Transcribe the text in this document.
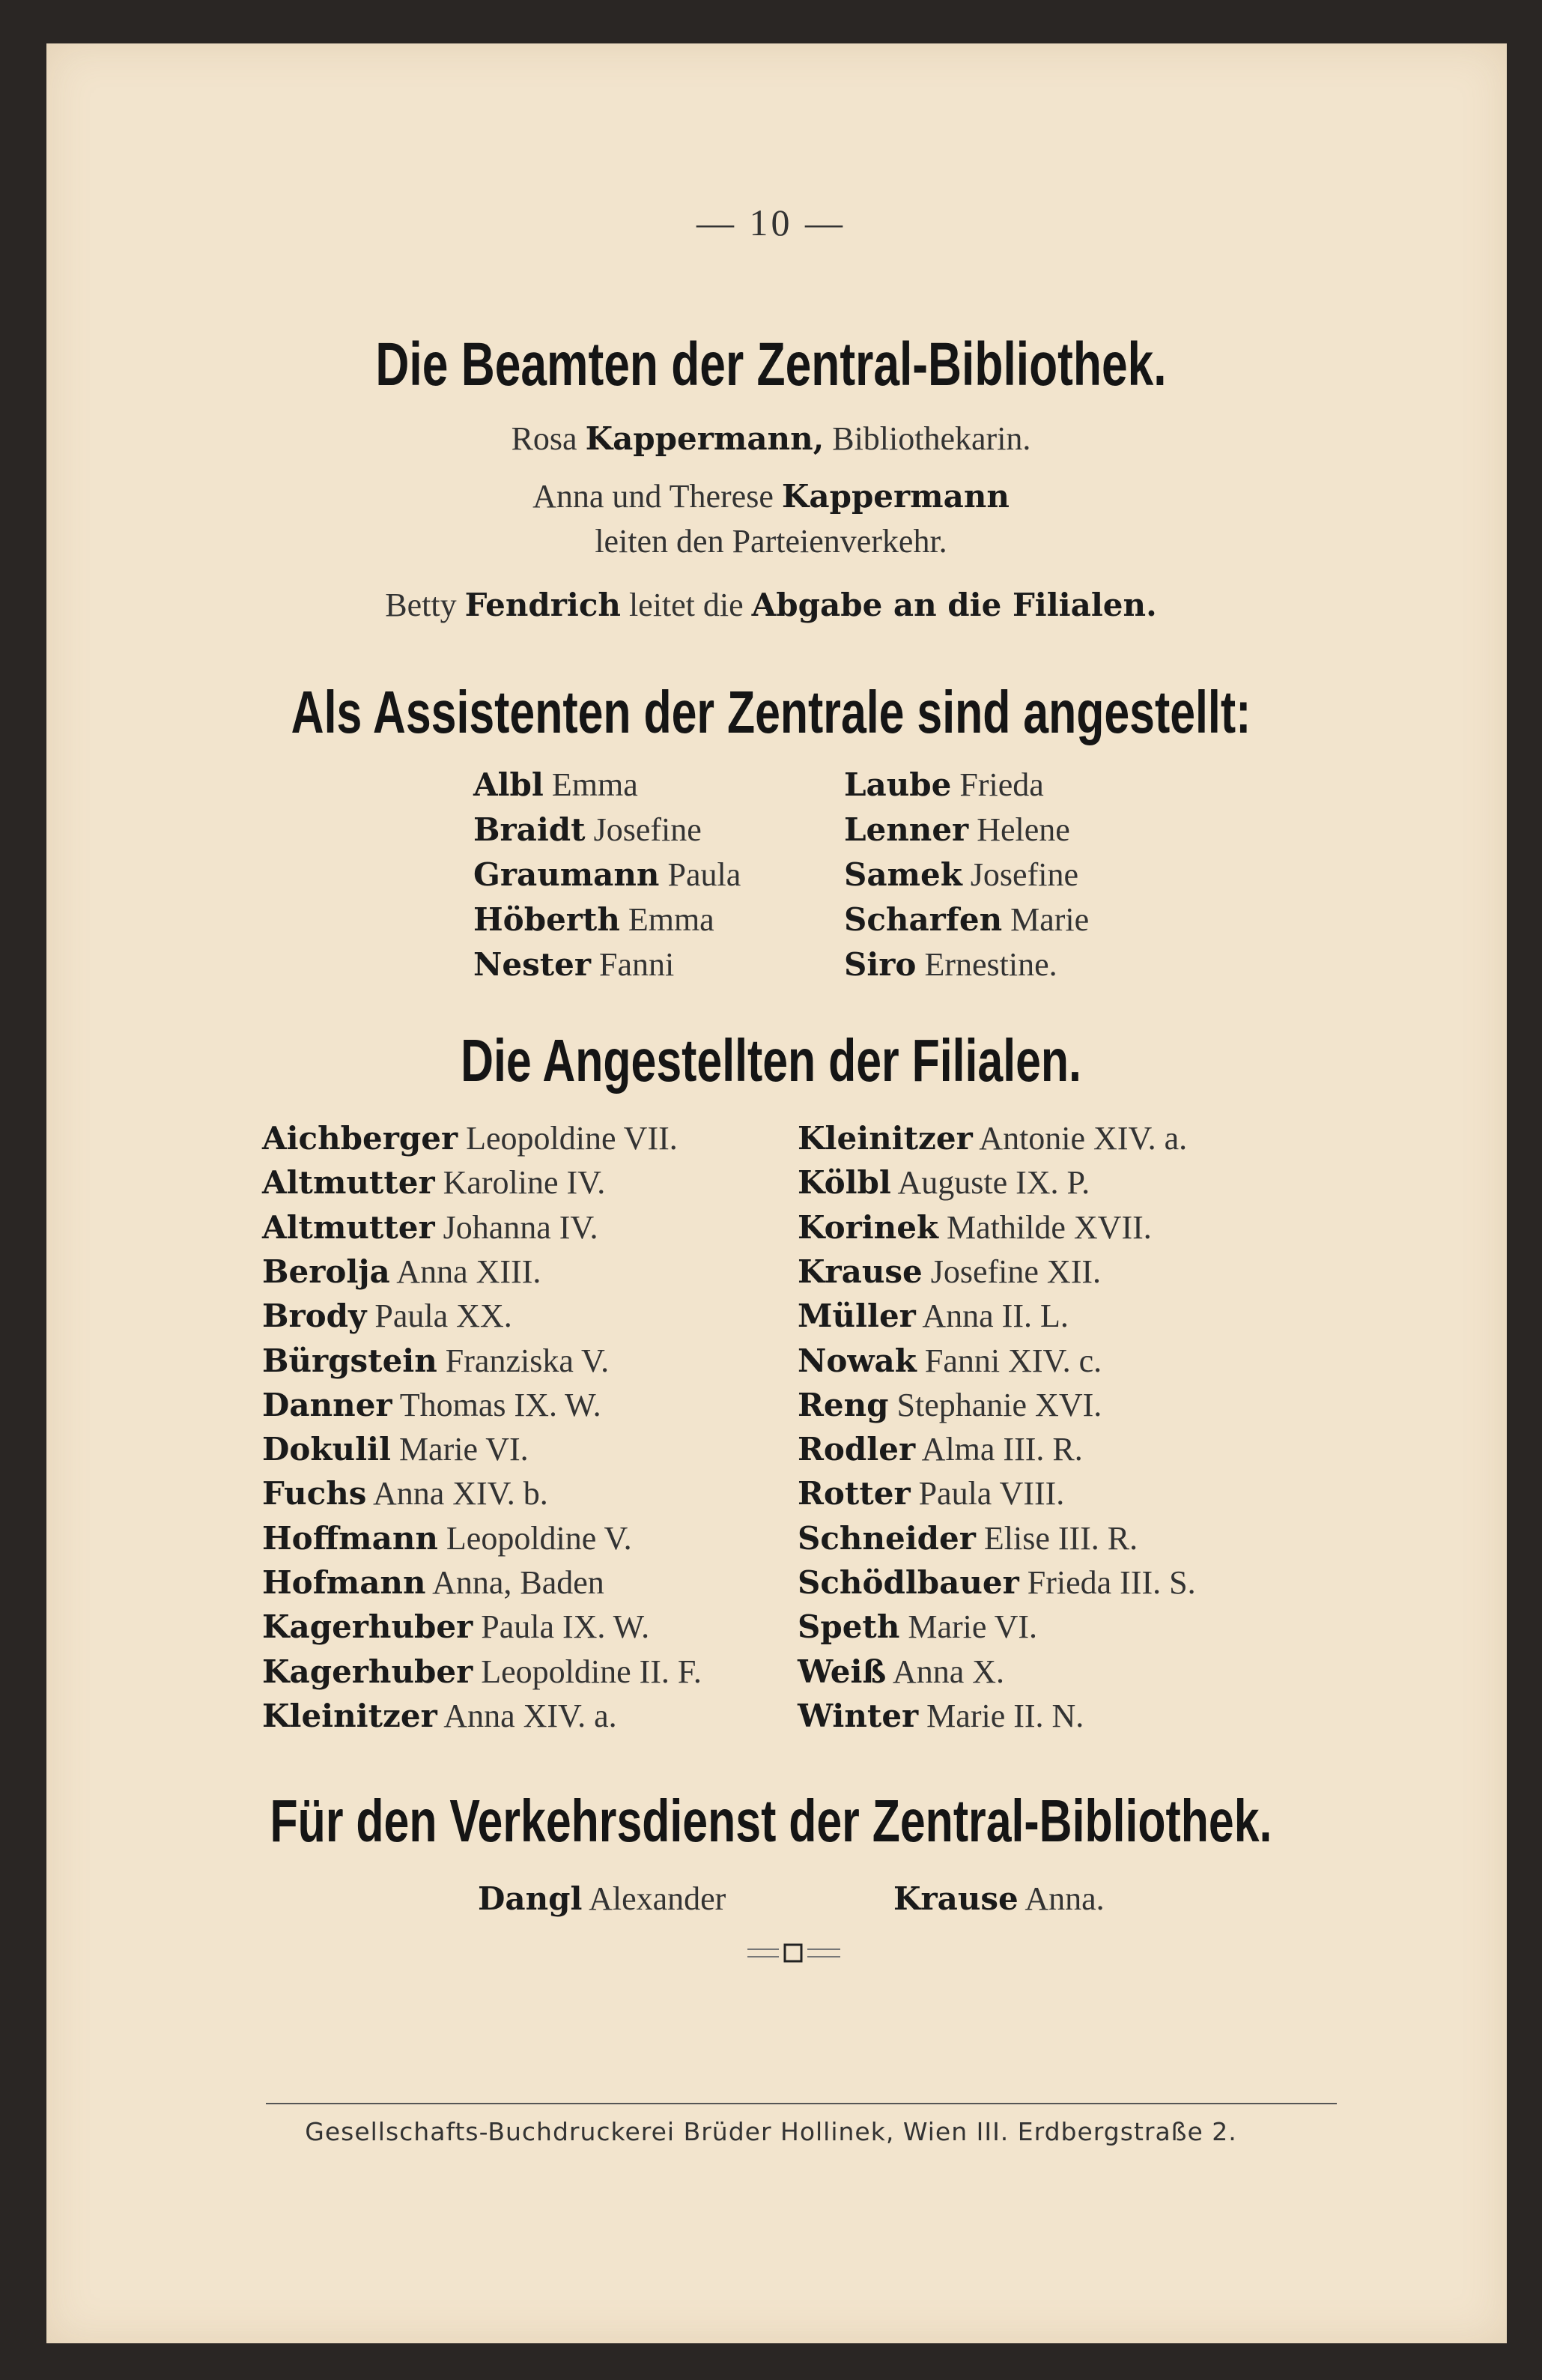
— 10 —
Die Beamten der Zentral-Bibliothek.
Rosa Kappermann, Bibliothekarin.
Anna und Therese Kappermann
leiten den Parteienverkehr.
Betty Fendrich leitet die Abgabe an die Filialen.
Als Assistenten der Zentrale sind angestellt:
Albl Emma
Braidt Josefine
Graumann Paula
Höberth Emma
Nester Fanni
Laube Frieda
Lenner Helene
Samek Josefine
Scharfen Marie
Siro Ernestine.
Die Angestellten der Filialen.
Aichberger Leopoldine VII.
Altmutter Karoline IV.
Altmutter Johanna IV.
Berolja Anna XIII.
Brody Paula XX.
Bürgstein Franziska V.
Danner Thomas IX. W.
Dokulil Marie VI.
Fuchs Anna XIV. b.
Hoffmann Leopoldine V.
Hofmann Anna, Baden
Kagerhuber Paula IX. W.
Kagerhuber Leopoldine II. F.
Kleinitzer Anna XIV. a.
Kleinitzer Antonie XIV. a.
Kölbl Auguste IX. P.
Korinek Mathilde XVII.
Krause Josefine XII.
Müller Anna II. L.
Nowak Fanni XIV. c.
Reng Stephanie XVI.
Rodler Alma III. R.
Rotter Paula VIII.
Schneider Elise III. R.
Schödlbauer Frieda III. S.
Speth Marie VI.
Weiß Anna X.
Winter Marie II. N.
Für den Verkehrsdienst der Zentral-Bibliothek.
Dangl Alexander	Krause Anna.
Gesellschafts-Buchdruckerei Brüder Hollinek, Wien III. Erdbergstraße 2.
